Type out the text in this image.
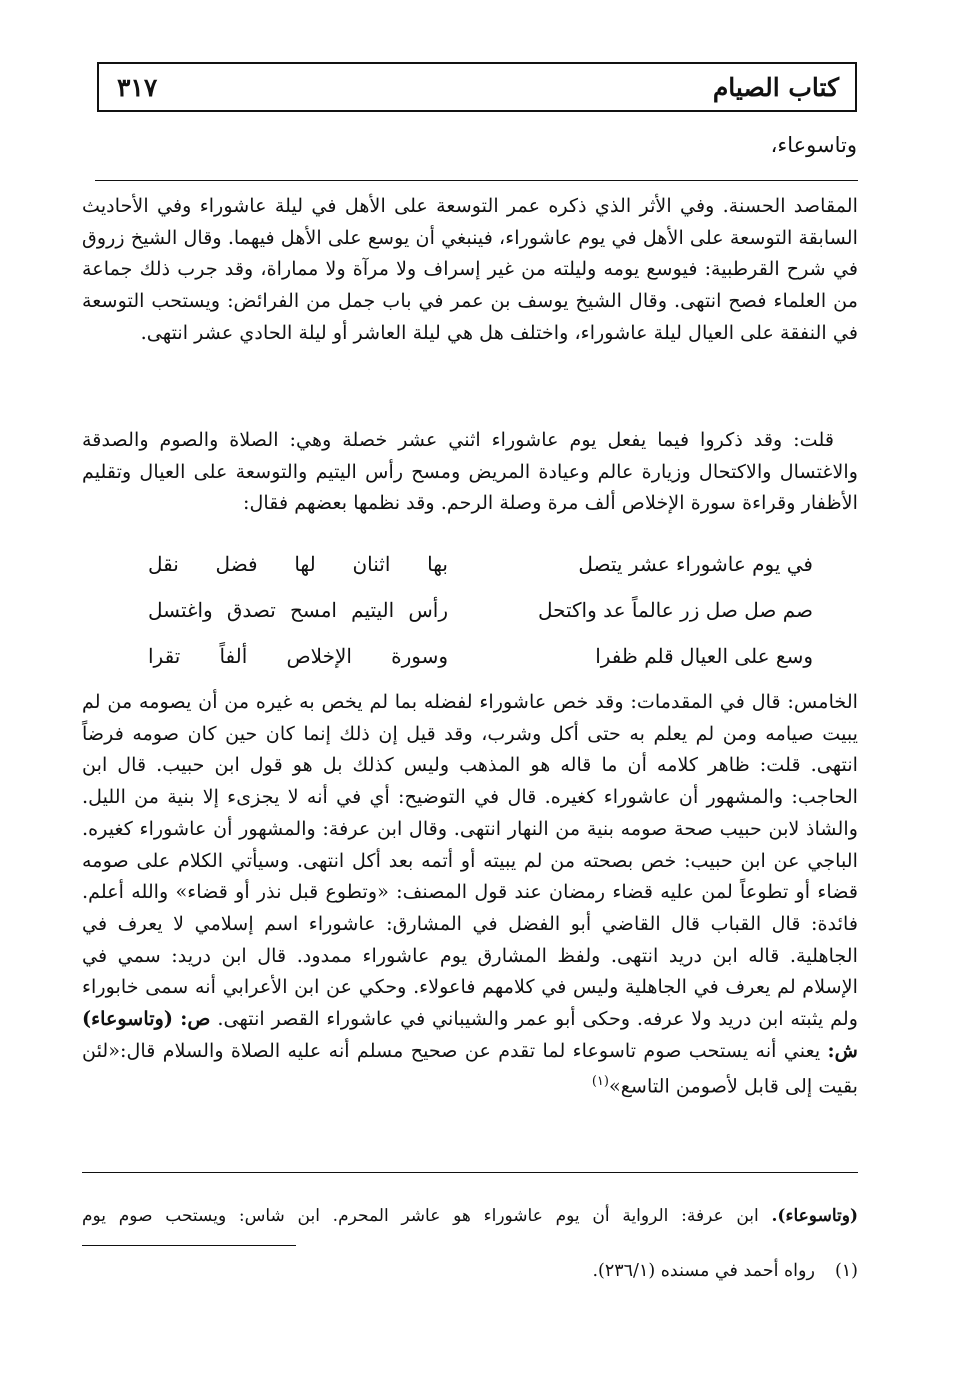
كتاب الصيام
٣١٧
وتاسوعاء،

المقاصد الحسنة. وفي الأثر الذي ذكره عمر التوسعة على الأهل في ليلة عاشوراء وفي الأحاديث السابقة التوسعة على الأهل في يوم عاشوراء، فينبغي أن يوسع على الأهل فيهما. وقال الشيخ زروق في شرح القرطبية: فيوسع يومه وليلته من غير إسراف ولا مرآة ولا مماراة، وقد جرب ذلك جماعة من العلماء فصح انتهى. وقال الشيخ يوسف بن عمر في باب جمل من الفرائض: ويستحب التوسعة في النفقة على العيال ليلة عاشوراء، واختلف هل هي ليلة العاشر أو ليلة الحادي عشر انتهى.

قلت: وقد ذكروا فيما يفعل يوم عاشوراء اثني عشر خصلة وهي: الصلاة والصوم والصدقة والاغتسال والاكتحال وزيارة عالم وعيادة المريض ومسح رأس اليتيم والتوسعة على العيال وتقليم الأظفار وقراءة سورة الإخلاص ألف مرة وصلة الرحم. وقد نظمها بعضهم فقال:

في يوم عاشوراء عشر يتصل
بها اثنان لها فضل نقل
صم صل صل زر عالماً عد واكتحل
رأس اليتيم امسح تصدق واغتسل
وسع على العيال قلم ظفرا
وسورة الإخلاص ألفاً تقرا

الخامس: قال في المقدمات: وقد خص عاشوراء لفضله بما لم يخص به غيره من أن يصومه من لم يبيت صيامه ومن لم يعلم به حتى أكل وشرب، وقد قيل إن ذلك إنما كان حين كان صومه فرضاً انتهى. قلت: ظاهر كلامه أن ما قاله هو المذهب وليس كذلك بل هو قول ابن حبيب. قال ابن الحاجب: والمشهور أن عاشوراء كغيره. قال في التوضيح: أي في أنه لا يجزىء إلا بنية من الليل. والشاذ لابن حبيب صحة صومه بنية من النهار انتهى. وقال ابن عرفة: والمشهور أن عاشوراء كغيره. الباجي عن ابن حبيب: خص بصحته من لم يبيته أو أتمه بعد أكل انتهى. وسيأتي الكلام على صومه قضاء أو تطوعاً لمن عليه قضاء رمضان عند قول المصنف: «وتطوع قبل نذر أو قضاء» والله أعلم. فائدة: قال القباب قال القاضي أبو الفضل في المشارق: عاشوراء اسم إسلامي لا يعرف في الجاهلية. قاله ابن دريد انتهى. ولفظ المشارق يوم عاشوراء ممدود. قال ابن دريد: سمي في الإسلام لم يعرف في الجاهلية وليس في كلامهم فاعولاء. وحكي عن ابن الأعرابي أنه سمى خابوراء ولم يثبته ابن دريد ولا عرفه. وحكى أبو عمر والشيباني في عاشوراء القصر انتهى. ص: (وتاسوعاء) ش: يعني أنه يستحب صوم تاسوعاء لما تقدم عن صحيح مسلم أنه عليه الصلاة والسلام قال:«لئن بقيت إلى قابل لأصومن التاسع»$^{(١)}$

(وتاسوعاء). ابن عرفة: الرواية أن يوم عاشوراء هو عاشر المحرم. ابن شاس: ويستحب صوم يوم
(١)رواه أحمد في مسنده (٢٣٦/١).
